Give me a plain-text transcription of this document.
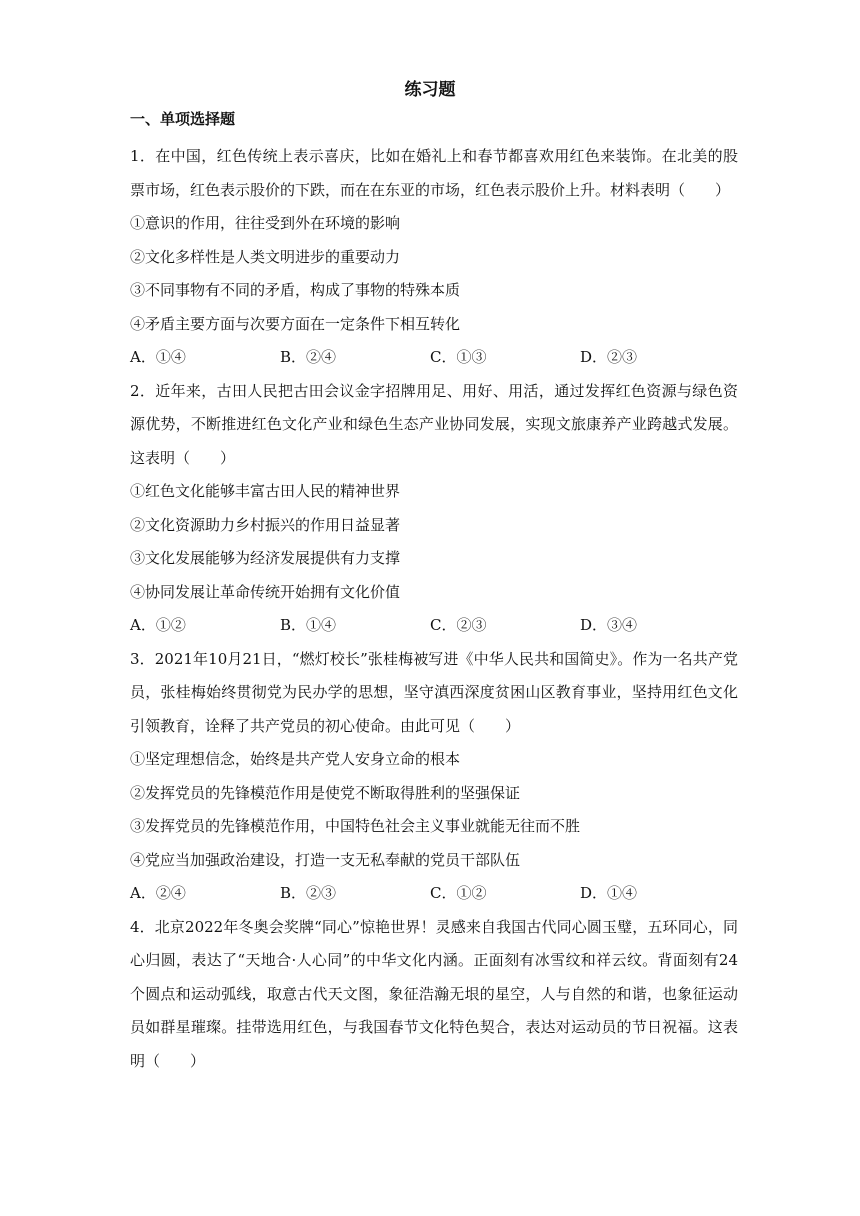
练习题
一、单项选择题

1．在中国，红色传统上表示喜庆，比如在婚礼上和春节都喜欢用红色来装饰。在北美的股票市场，红色表示股价的下跌，而在在东亚的市场，红色表示股价上升。材料表明（　　）

①意识的作用，往往受到外在环境的影响

②文化多样性是人类文明进步的重要动力

③不同事物有不同的矛盾，构成了事物的特殊本质

④矛盾主要方面与次要方面在一定条件下相互转化

A．①④	B．②④	C．①③	D．②③

2．近年来，古田人民把古田会议金字招牌用足、用好、用活，通过发挥红色资源与绿色资源优势，不断推进红色文化产业和绿色生态产业协同发展，实现文旅康养产业跨越式发展。这表明（　　）

①红色文化能够丰富古田人民的精神世界

②文化资源助力乡村振兴的作用日益显著

③文化发展能够为经济发展提供有力支撑

④协同发展让革命传统开始拥有文化价值

A．①②	B．①④	C．②③	D．③④

3．2021年10月21日，“燃灯校长”张桂梅被写进《中华人民共和国简史》。作为一名共产党员，张桂梅始终贯彻党为民办学的思想，坚守滇西深度贫困山区教育事业，坚持用红色文化引领教育，诠释了共产党员的初心使命。由此可见（　　）

①坚定理想信念，始终是共产党人安身立命的根本

②发挥党员的先锋模范作用是使党不断取得胜利的坚强保证

③发挥党员的先锋模范作用，中国特色社会主义事业就能无往而不胜

④党应当加强政治建设，打造一支无私奉献的党员干部队伍

A．②④	B．②③	C．①②	D．①④

4．北京2022年冬奥会奖牌“同心”惊艳世界！灵感来自我国古代同心圆玉璧，五环同心，同心归圆，表达了“天地合·人心同”的中华文化内涵。正面刻有冰雪纹和祥云纹。背面刻有24个圆点和运动弧线，取意古代天文图，象征浩瀚无垠的星空，人与自然的和谐，也象征运动员如群星璀璨。挂带选用红色，与我国春节文化特色契合，表达对运动员的节日祝福。这表明（　　）
